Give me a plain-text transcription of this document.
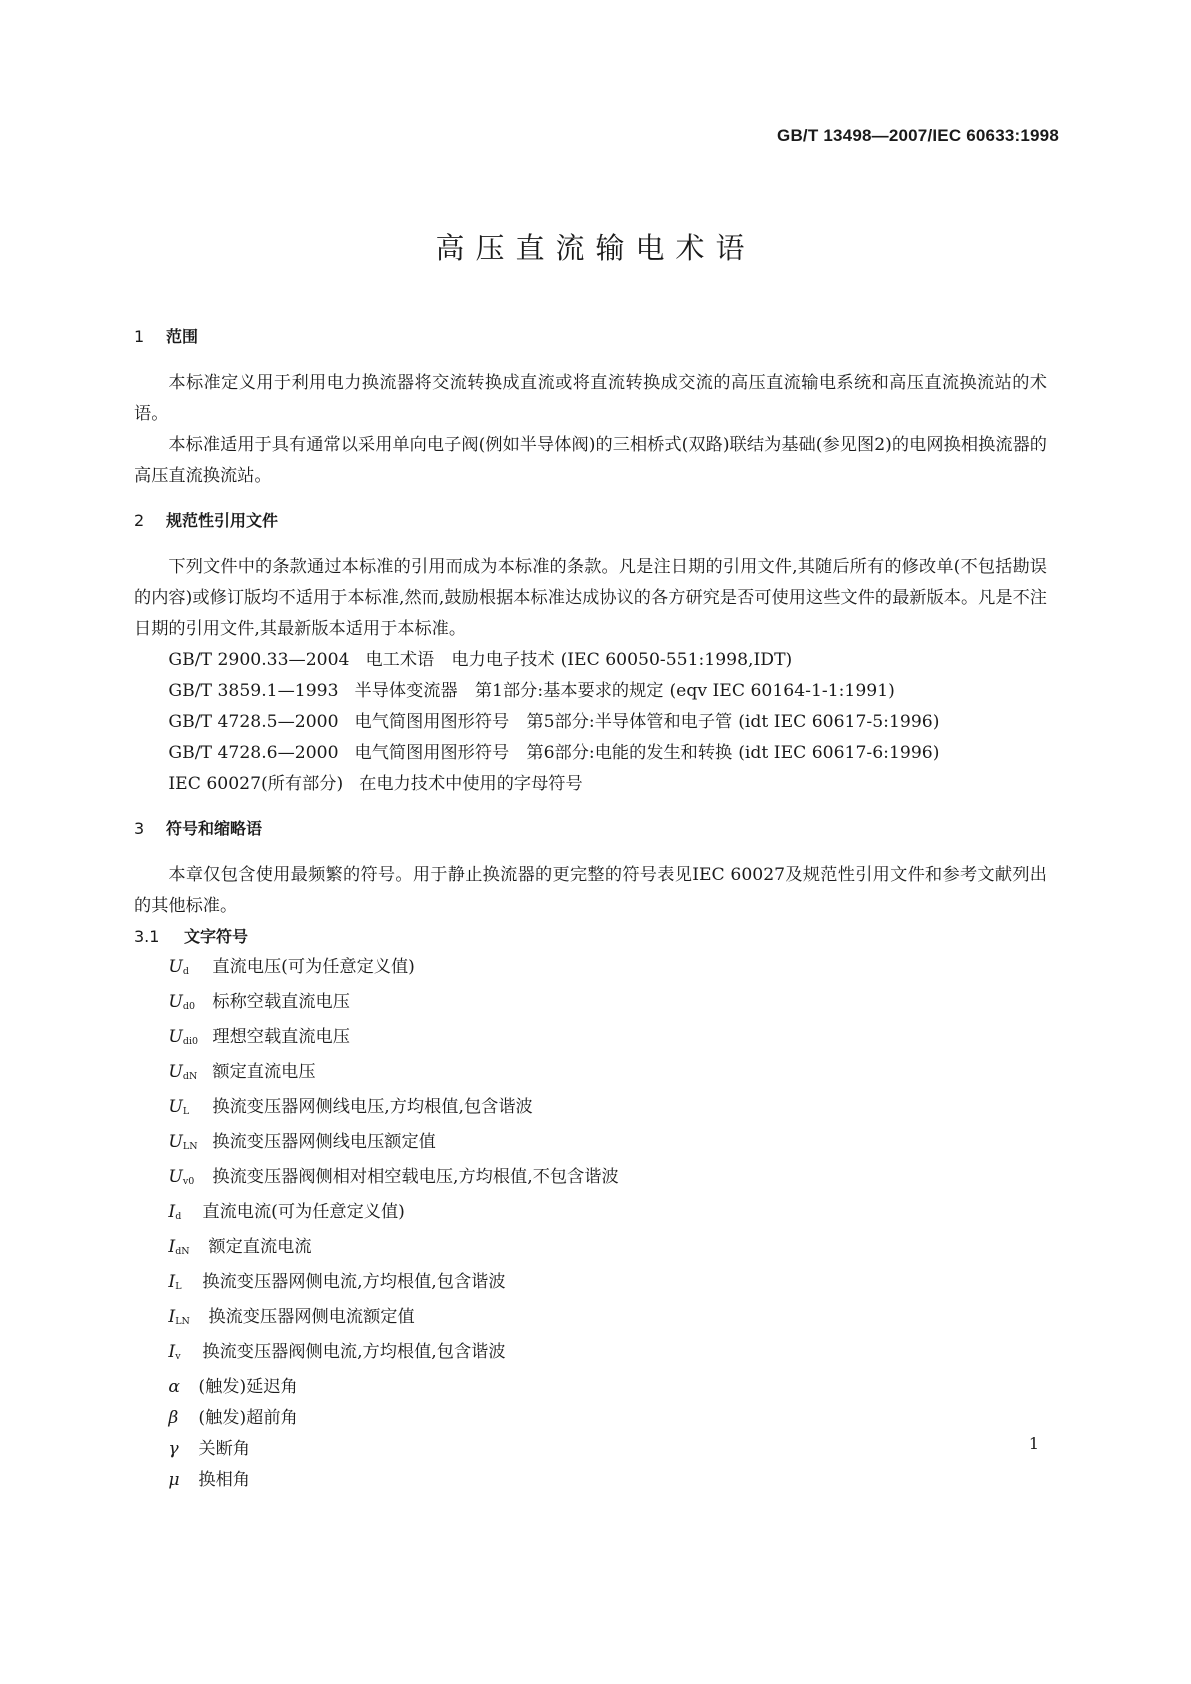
GB/T 13498—2007/IEC 60633:1998
高压直流输电术语
1 范围

本标准定义用于利用电力换流器将交流转换成直流或将直流转换成交流的高压直流输电系统和高压直流换流站的术语。

本标准适用于具有通常以采用单向电子阀(例如半导体阀)的三相桥式(双路)联结为基础(参见图2)的电网换相换流器的高压直流换流站。

2 规范性引用文件

下列文件中的条款通过本标准的引用而成为本标准的条款。凡是注日期的引用文件,其随后所有的修改单(不包括勘误的内容)或修订版均不适用于本标准,然而,鼓励根据本标准达成协议的各方研究是否可使用这些文件的最新版本。凡是不注日期的引用文件,其最新版本适用于本标准。

GB/T 2900.33—2004 电工术语　电力电子技术 (IEC 60050-551:1998,IDT)

GB/T 3859.1—1993 半导体变流器　第1部分:基本要求的规定 (eqv IEC 60164-1-1:1991)

GB/T 4728.5—2000 电气简图用图形符号　第5部分:半导体管和电子管 (idt IEC 60617-5:1996)

GB/T 4728.6—2000 电气简图用图形符号　第6部分:电能的发生和转换 (idt IEC 60617-6:1996)

IEC 60027(所有部分) 在电力技术中使用的字母符号

3 符号和缩略语

本章仅包含使用最频繁的符号。用于静止换流器的更完整的符号表见IEC 60027及规范性引用文件和参考文献列出的其他标准。

3.1 文字符号
$U_d$ 直流电压(可为任意定义值)
$U_{d0}$ 标称空载直流电压
$U_{di0}$ 理想空载直流电压
$U_{dN}$ 额定直流电压
$U_L$ 换流变压器网侧线电压,方均根值,包含谐波
$U_{LN}$ 换流变压器网侧线电压额定值
$U_{v0}$ 换流变压器阀侧相对相空载电压,方均根值,不包含谐波
$I_d$ 直流电流(可为任意定义值)
$I_{dN}$ 额定直流电流
$I_L$ 换流变压器网侧电流,方均根值,包含谐波
$I_{LN}$ 换流变压器网侧电流额定值
$I_v$ 换流变压器阀侧电流,方均根值,包含谐波
α (触发)延迟角
β (触发)超前角
γ 关断角
μ 换相角
1
